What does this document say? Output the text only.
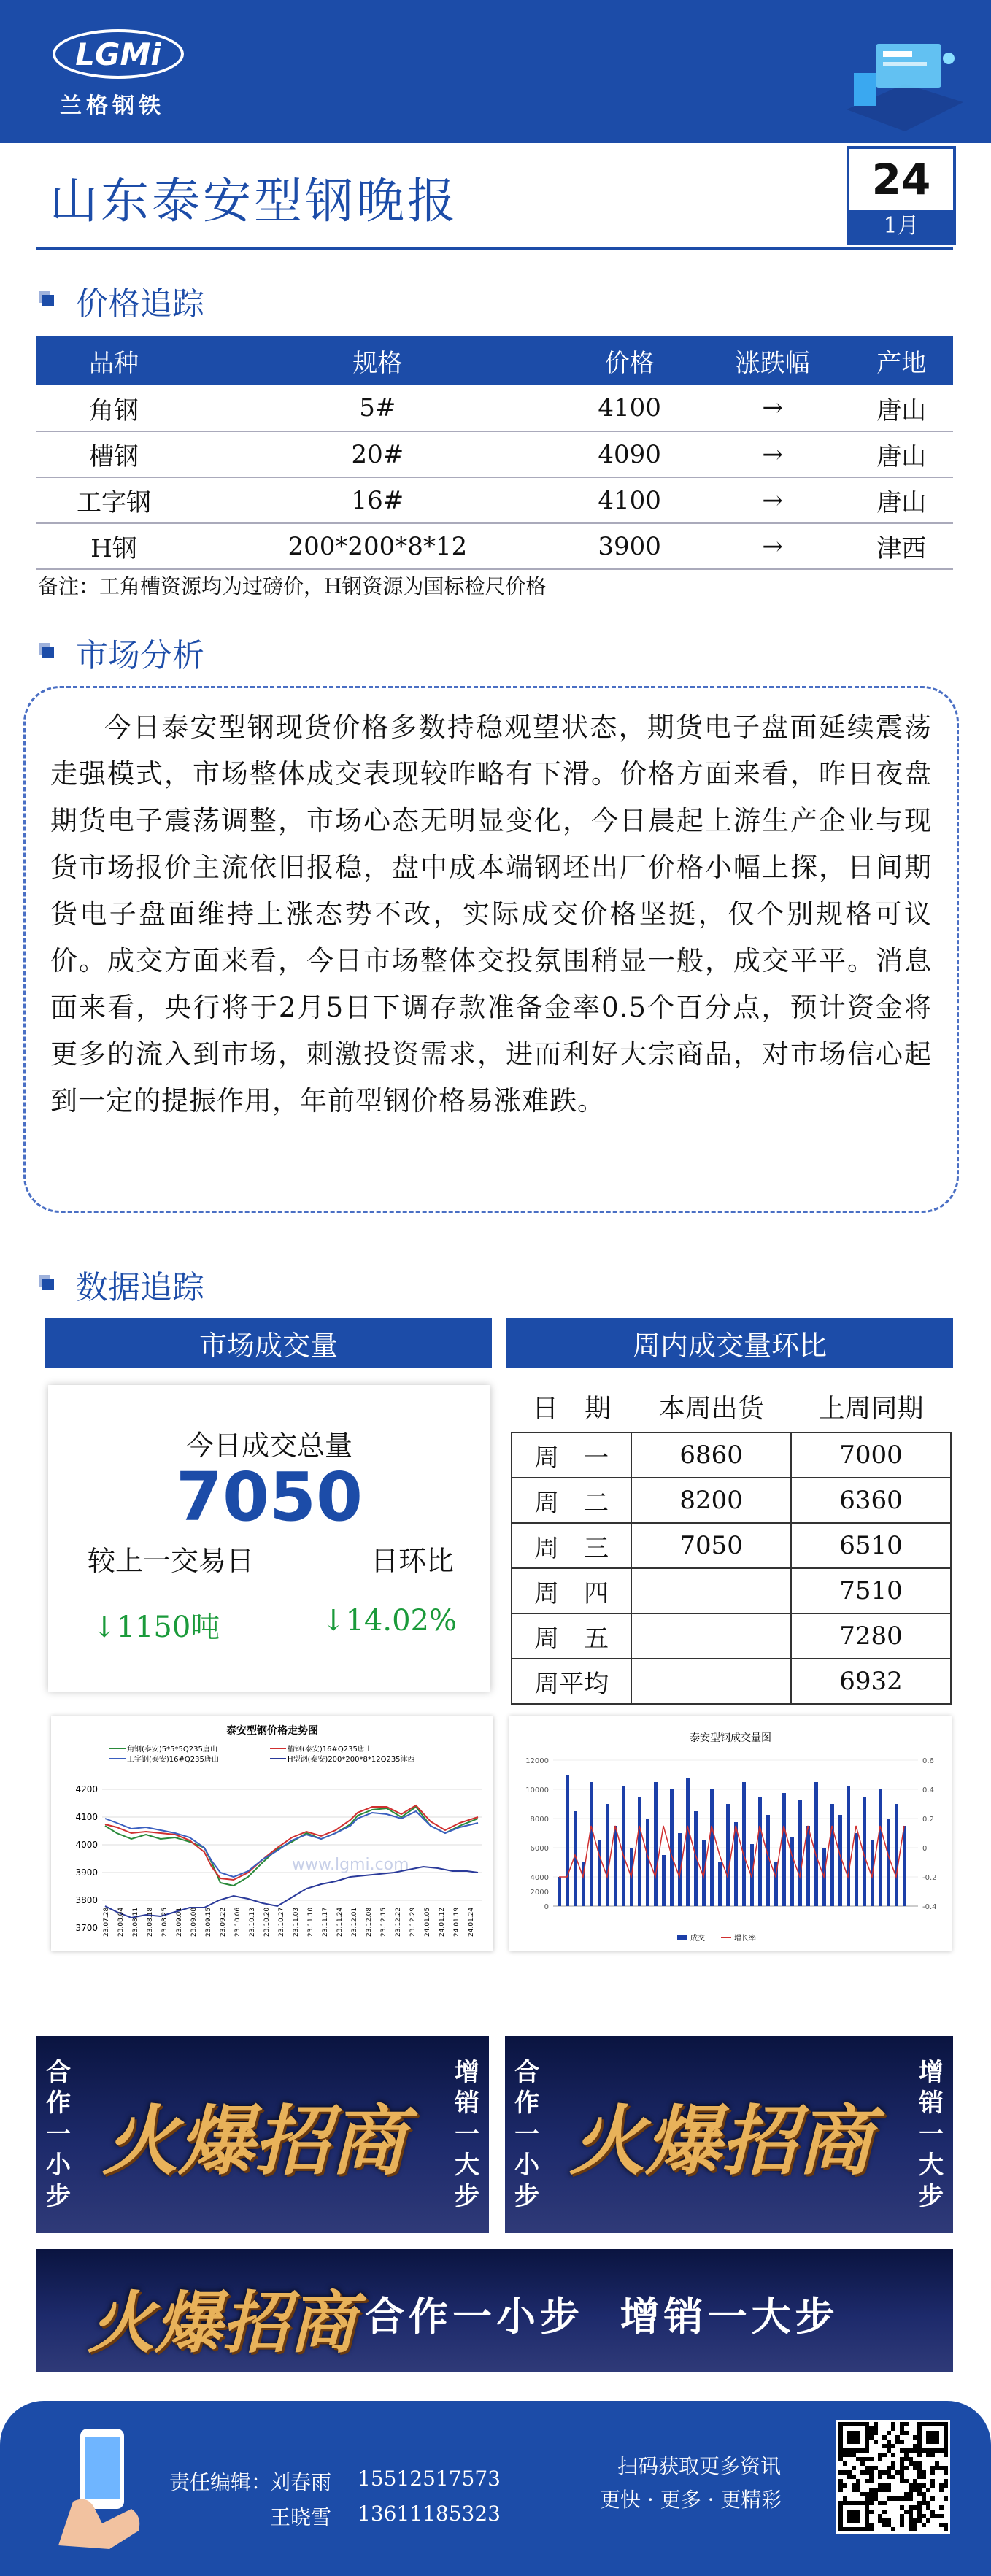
LGMi
兰格钢铁
山东泰安型钢晚报	24
1月
价格追踪
品种	规格	价格	涨跌幅	产地
角钢	5#	4100	→	唐山
槽钢	20#	4090	→	唐山
工字钢	16#	4100	→	唐山
H钢	200*200*8*12	3900	→	津西
备注：工角槽资源均为过磅价，H钢资源为国标检尺价格
市场分析

今日泰安型钢现货价格多数持稳观望状态，期货电子盘面延续震荡走强模式，市场整体成交表现较昨略有下滑。价格方面来看，昨日夜盘期货电子震荡调整，市场心态无明显变化，今日晨起上游生产企业与现货市场报价主流依旧报稳，盘中成本端钢坯出厂价格小幅上探，日间期货电子盘面维持上涨态势不改，实际成交价格坚挺，仅个别规格可议价。成交方面来看，今日市场整体交投氛围稍显一般，成交平平。消息面来看，央行将于2月5日下调存款准备金率0.5个百分点，预计资金将更多的流入到市场，刺激投资需求，进而利好大宗商品，对市场信心起到一定的提振作用，年前型钢价格易涨难跌。

数据追踪
市场成交量	周内成交量环比
今日成交总量
7050
较上一交易日	日环比
↓1150吨	↓14.02%
日　期	本周出货	上周同期
周　一	6860	7000
周　二	8200	6360
周　三	7050	6510
周　四		7510
周　五		7280
周平均		6932
泰安型钢价格走势图
角钢(泰安)5*5*5Q235唐山	槽钢(泰安)16#Q235唐山
工字钢(泰安)16#Q235唐山	H型钢(泰安)200*200*8*12Q235津西
4200
4100
4000
3900
3800
3700
www.lgmi.com
23.07.28 23.08.04 23.08.11 23.08.18 23.08.25 23.09.01 23.09.08 23.09.15 23.09.22 23.10.06 23.10.13 23.10.20 23.10.27 23.11.03 23.11.10 23.11.17 23.11.24 23.12.01 23.12.08 23.12.15 23.12.22 23.12.29 24.01.05 24.01.12 24.01.19 24.01.24
泰安型钢成交量图
12000
10000
8000
6000
4000
2000
0
0.6
0.4
0.2
0
-0.2
-0.4
成交	增长率
合
作
一
小
步
火爆招商
增
销
一
大
步
合
作
一
小
步
火爆招商
增
销
一
大
步
火爆招商 合作一小步  增销一大步
责任编辑：
刘春雨 15512517573
王晓雪 13611185323
扫码获取更多资讯
更快 · 更多 · 更精彩
